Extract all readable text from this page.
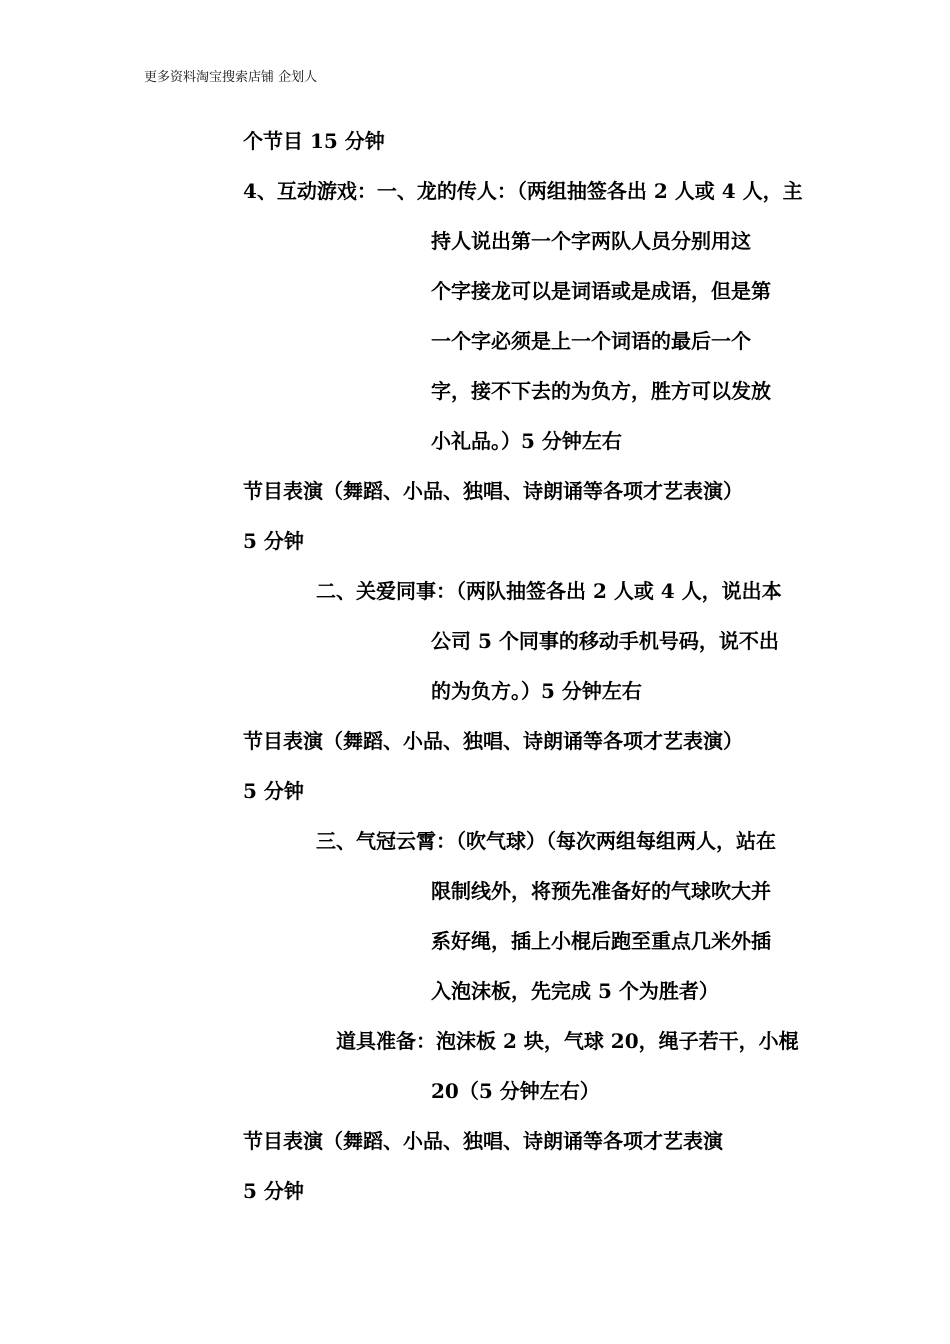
更多资料淘宝搜索店铺 企划人
个节目 15 分钟
4、互动游戏：一、龙的传人：（两组抽签各出 2 人或 4 人，主
持人说出第一个字两队人员分别用这
个字接龙可以是词语或是成语，但是第
一个字必须是上一个词语的最后一个
字，接不下去的为负方，胜方可以发放
小礼品。）5 分钟左右
节目表演（舞蹈、小品、独唱、诗朗诵等各项才艺表演）
5 分钟
二、关爱同事：（两队抽签各出 2 人或 4 人，说出本
公司 5 个同事的移动手机号码，说不出
的为负方。）5 分钟左右
节目表演（舞蹈、小品、独唱、诗朗诵等各项才艺表演）
5 分钟
三、气冠云霄：（吹气球）（每次两组每组两人，站在
限制线外，将预先准备好的气球吹大并
系好绳，插上小棍后跑至重点几米外插
入泡沫板，先完成 5 个为胜者）
道具准备：泡沫板 2 块，气球 20，绳子若干，小棍
20（5 分钟左右）
节目表演（舞蹈、小品、独唱、诗朗诵等各项才艺表演
5 分钟
